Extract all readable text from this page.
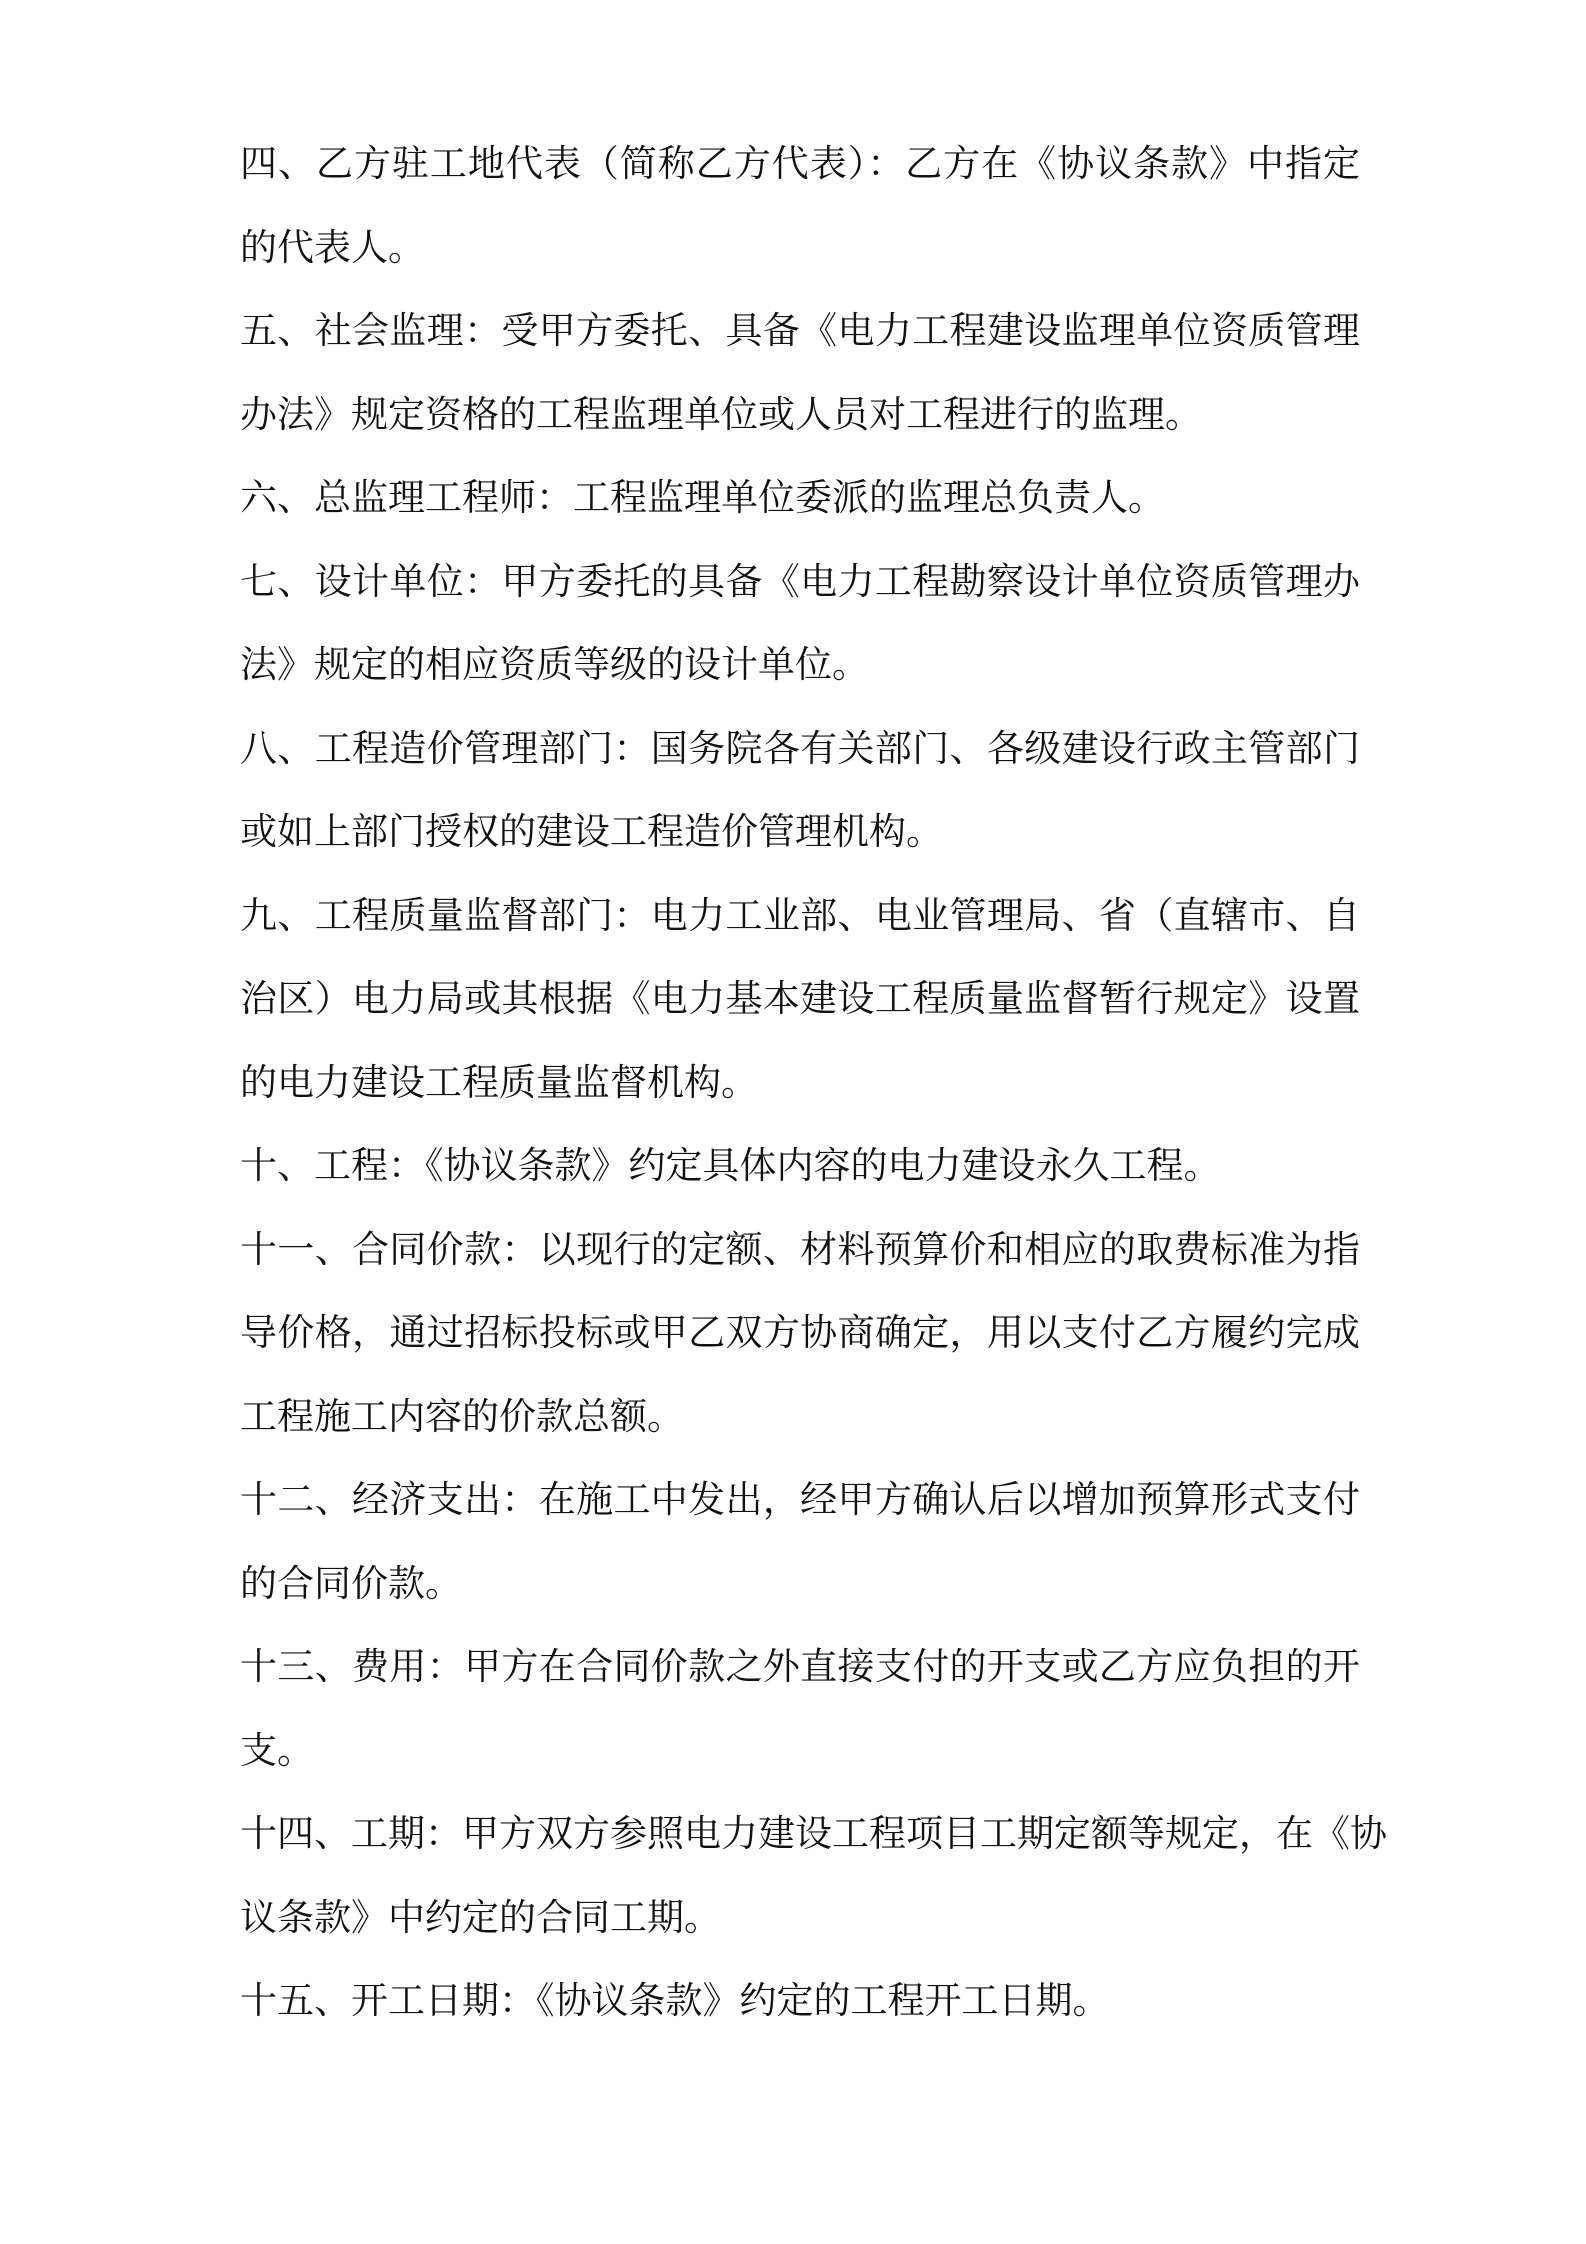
四、乙方驻工地代表（简称乙方代表）：乙方在《协议条款》中指定
的代表人。
五、社会监理：受甲方委托、具备《电力工程建设监理单位资质管理
办法》规定资格的工程监理单位或人员对工程进行的监理。
六、总监理工程师：工程监理单位委派的监理总负责人。
七、设计单位：甲方委托的具备《电力工程勘察设计单位资质管理办
法》规定的相应资质等级的设计单位。
八、工程造价管理部门：国务院各有关部门、各级建设行政主管部门
或如上部门授权的建设工程造价管理机构。
九、工程质量监督部门：电力工业部、电业管理局、省（直辖市、自
治区）电力局或其根据《电力基本建设工程质量监督暂行规定》设置
的电力建设工程质量监督机构。
十、工程：《协议条款》约定具体内容的电力建设永久工程。
十一、合同价款：以现行的定额、材料预算价和相应的取费标准为指
导价格，通过招标投标或甲乙双方协商确定，用以支付乙方履约完成
工程施工内容的价款总额。
十二、经济支出：在施工中发出，经甲方确认后以增加预算形式支付
的合同价款。
十三、费用：甲方在合同价款之外直接支付的开支或乙方应负担的开
支。
十四、工期：甲方双方参照电力建设工程项目工期定额等规定，在《协
议条款》中约定的合同工期。
十五、开工日期：《协议条款》约定的工程开工日期。
